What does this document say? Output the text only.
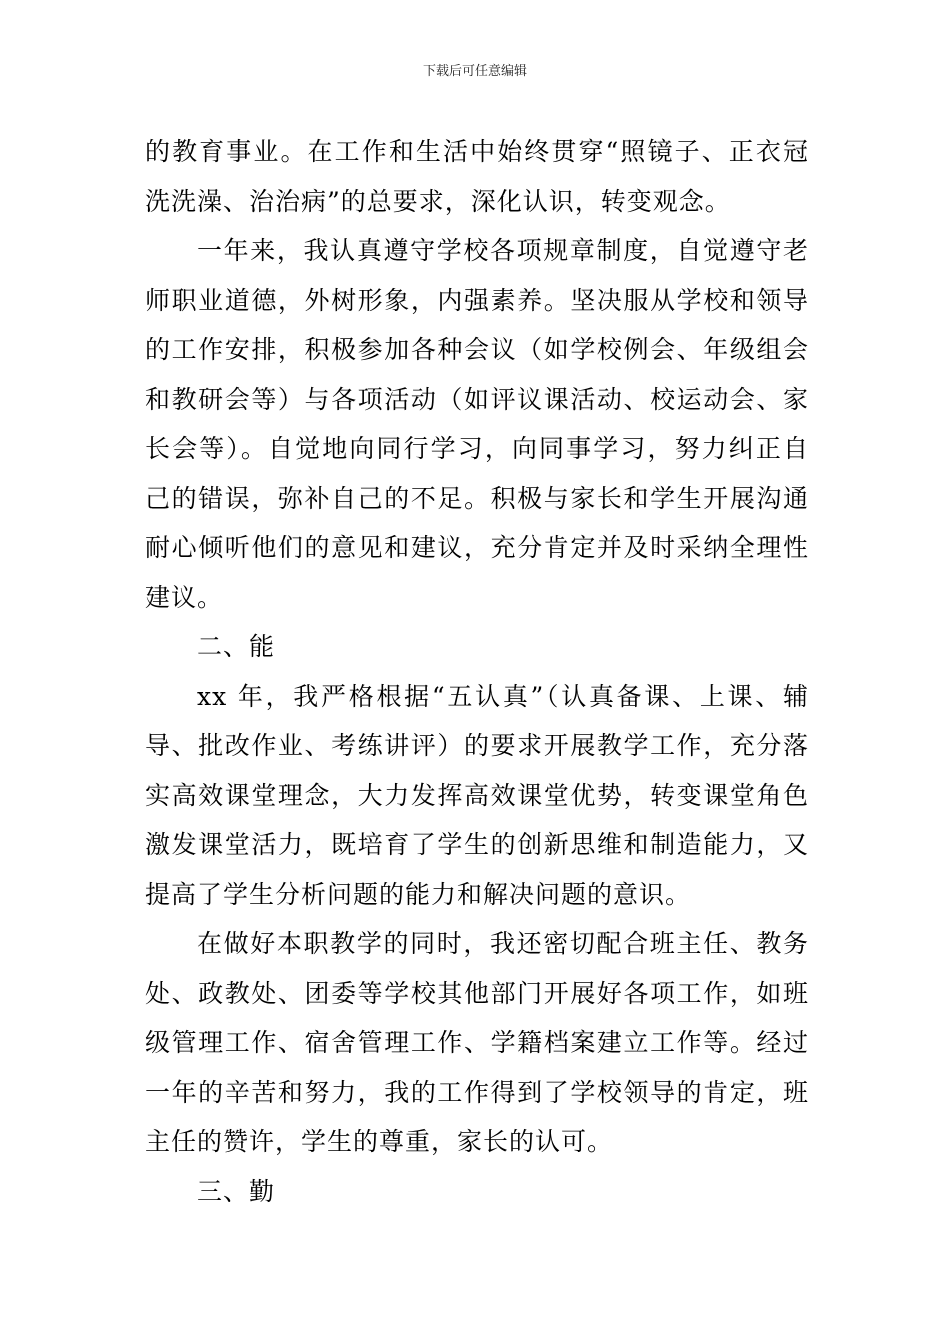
下载后可任意编辑
的教育事业。在工作和生活中始终贯穿“照镜子、正衣冠
洗洗澡、治治病”的总要求，深化认识，转变观念。
一年来，我认真遵守学校各项规章制度，自觉遵守老
师职业道德，外树形象，内强素养。坚决服从学校和领导
的工作安排，积极参加各种会议（如学校例会、年级组会
和教研会等）与各项活动（如评议课活动、校运动会、家
长会等）。自觉地向同行学习，向同事学习，努力纠正自
己的错误，弥补自己的不足。积极与家长和学生开展沟通
耐心倾听他们的意见和建议，充分肯定并及时采纳全理性
建议。
二、能
xx 年，我严格根据“五认真”（认真备课、上课、辅
导、批改作业、考练讲评）的要求开展教学工作，充分落
实高效课堂理念，大力发挥高效课堂优势，转变课堂角色
激发课堂活力，既培育了学生的创新思维和制造能力，又
提高了学生分析问题的能力和解决问题的意识。
在做好本职教学的同时，我还密切配合班主任、教务
处、政教处、团委等学校其他部门开展好各项工作，如班
级管理工作、宿舍管理工作、学籍档案建立工作等。经过
一年的辛苦和努力，我的工作得到了学校领导的肯定，班
主任的赞许，学生的尊重，家长的认可。
三、勤
